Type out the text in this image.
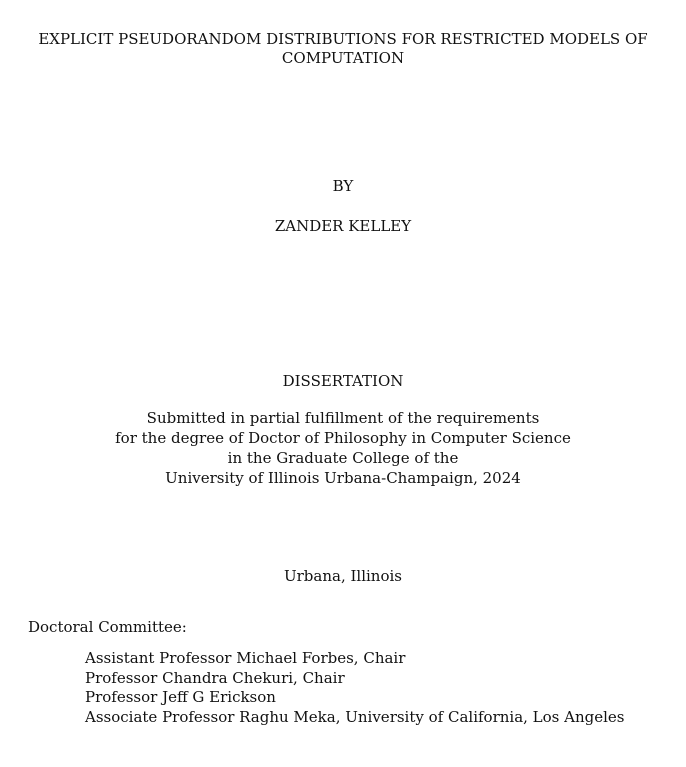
EXPLICIT PSEUDORANDOM DISTRIBUTIONS FOR RESTRICTED MODELS OF
COMPUTATION
BY
ZANDER KELLEY
DISSERTATION
Submitted in partial fulfillment of the requirements
for the degree of Doctor of Philosophy in Computer Science
in the Graduate College of the
University of Illinois Urbana-Champaign, 2024
Urbana, Illinois
Doctoral Committee:
Assistant Professor Michael Forbes, Chair
Professor Chandra Chekuri, Chair
Professor Jeff G Erickson
Associate Professor Raghu Meka, University of California, Los Angeles
